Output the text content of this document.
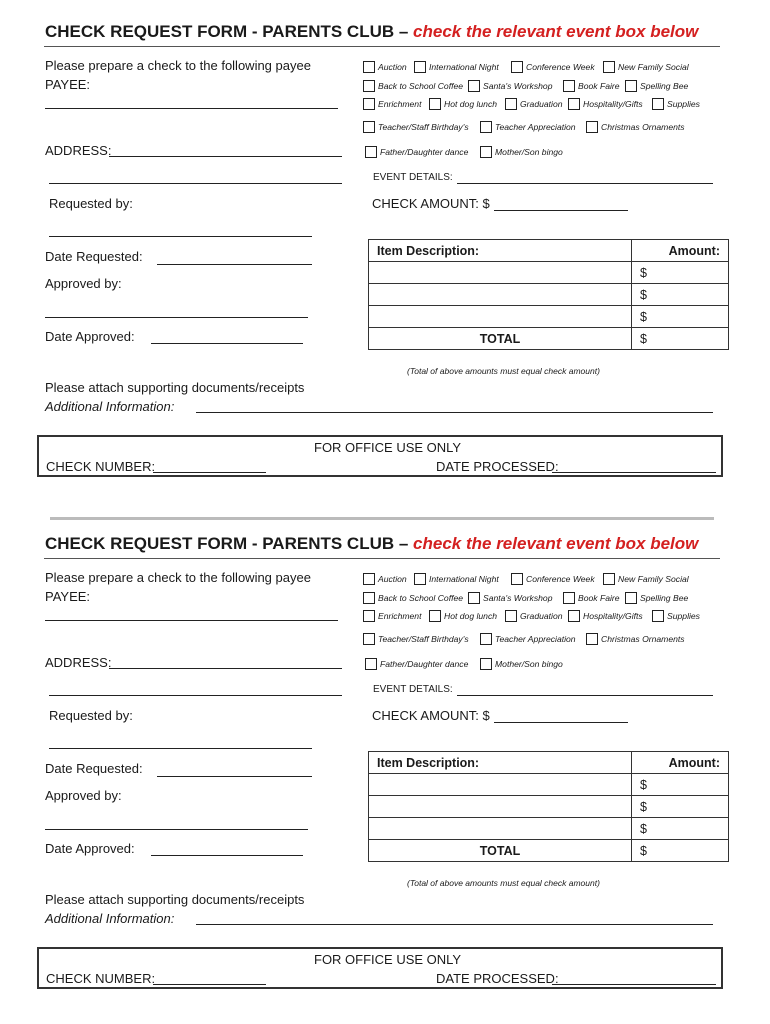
CHECK REQUEST FORM - PARENTS CLUB – check the relevant event box below
Please prepare a check to the following payee
PAYEE:
ADDRESS:
Requested by:
Date Requested:
Approved by:
Date Approved:
Auction	International Night	Conference Week	New Family Social
Back to School Coffee Santa's Workshop	Book Faire Spelling Bee
Enrichment	Hot dog lunch	Graduation Hospitality/Gifts	Supplies
Teacher/Staff Birthday's	Teacher Appreciation	Christmas Ornaments
Father/Daughter dance	Mother/Son bingo
EVENT DETAILS:
CHECK AMOUNT: $
Item Description:	Amount:
	$
	$
	$
TOTAL	$
(Total of above amounts must equal check amount)
Please attach supporting documents/receipts
Additional Information:
FOR OFFICE USE ONLY
CHECK NUMBER:	DATE PROCESSED:
CHECK REQUEST FORM - PARENTS CLUB – check the relevant event box below
Please prepare a check to the following payee
PAYEE:
ADDRESS:
Requested by:
Date Requested:
Approved by:
Date Approved:
Auction	International Night	Conference Week	New Family Social
Back to School Coffee Santa's Workshop	Book Faire Spelling Bee
Enrichment	Hot dog lunch	Graduation Hospitality/Gifts	Supplies
Teacher/Staff Birthday's	Teacher Appreciation	Christmas Ornaments
Father/Daughter dance	Mother/Son bingo
EVENT DETAILS:
CHECK AMOUNT: $
Item Description:	Amount:
	$
	$
	$
TOTAL	$
(Total of above amounts must equal check amount)
Please attach supporting documents/receipts
Additional Information:
FOR OFFICE USE ONLY
CHECK NUMBER:	DATE PROCESSED:
